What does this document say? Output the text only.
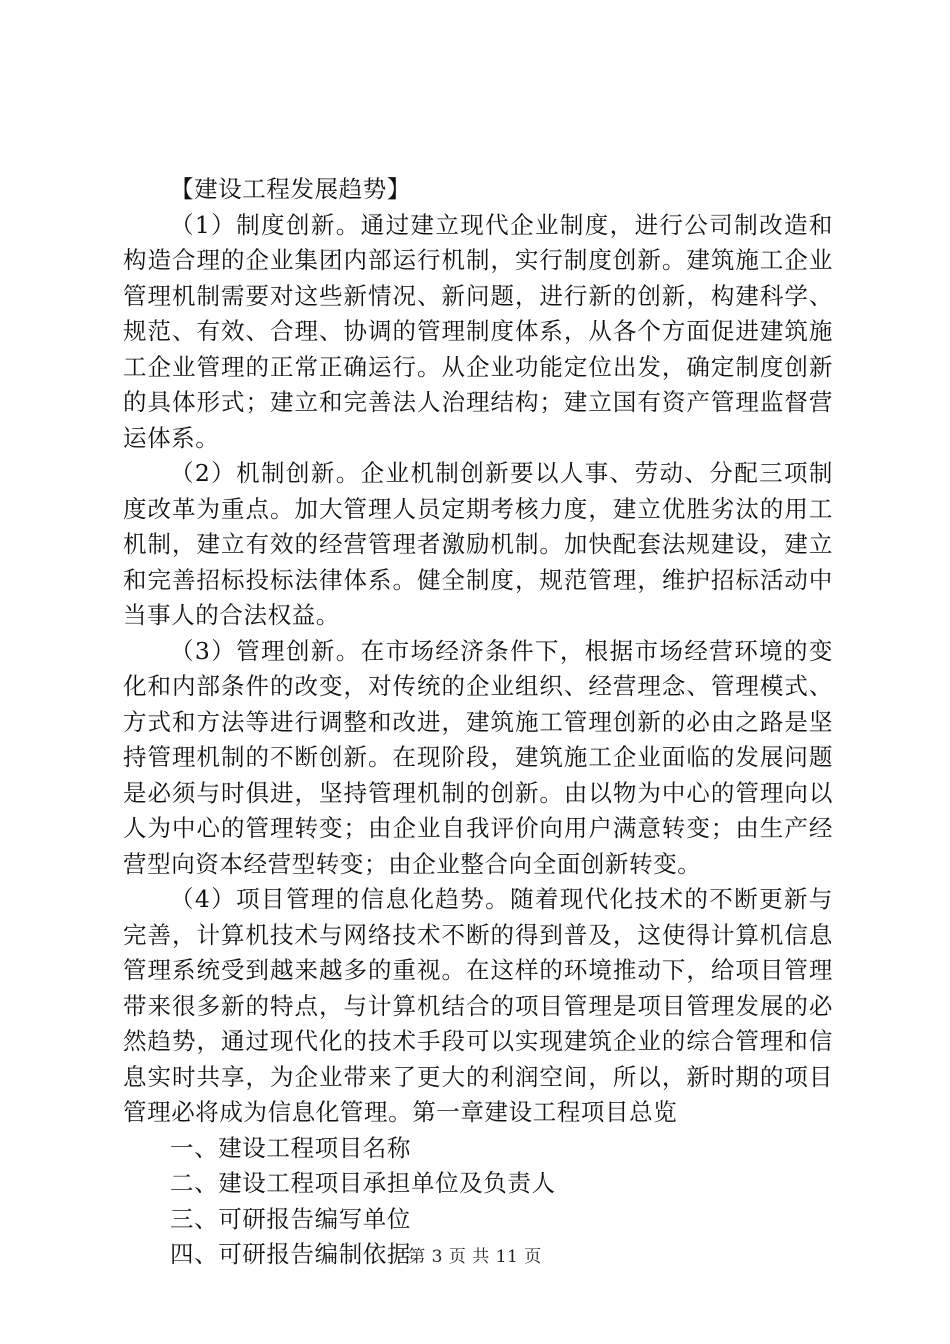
【建设工程发展趋势】

（1）制度创新。通过建立现代企业制度，进行公司制改造和构造合理的企业集团内部运行机制，实行制度创新。建筑施工企业管理机制需要对这些新情况、新问题，进行新的创新，构建科学、规范、有效、合理、协调的管理制度体系，从各个方面促进建筑施工企业管理的正常正确运行。从企业功能定位出发，确定制度创新的具体形式；建立和完善法人治理结构；建立国有资产管理监督营运体系。

（2）机制创新。企业机制创新要以人事、劳动、分配三项制度改革为重点。加大管理人员定期考核力度，建立优胜劣汰的用工机制，建立有效的经营管理者激励机制。加快配套法规建设，建立和完善招标投标法律体系。健全制度，规范管理，维护招标活动中当事人的合法权益。

（3）管理创新。在市场经济条件下，根据市场经营环境的变化和内部条件的改变，对传统的企业组织、经营理念、管理模式、方式和方法等进行调整和改进，建筑施工管理创新的必由之路是坚持管理机制的不断创新。在现阶段，建筑施工企业面临的发展问题是必须与时俱进，坚持管理机制的创新。由以物为中心的管理向以人为中心的管理转变；由企业自我评价向用户满意转变；由生产经营型向资本经营型转变；由企业整合向全面创新转变。

（4）项目管理的信息化趋势。随着现代化技术的不断更新与完善，计算机技术与网络技术不断的得到普及，这使得计算机信息管理系统受到越来越多的重视。在这样的环境推动下，给项目管理带来很多新的特点，与计算机结合的项目管理是项目管理发展的必然趋势，通过现代化的技术手段可以实现建筑企业的综合管理和信息实时共享，为企业带来了更大的利润空间，所以，新时期的项目管理必将成为信息化管理。第一章建设工程项目总览

一、建设工程项目名称

二、建设工程项目承担单位及负责人

三、可研报告编写单位

四、可研报告编制依据

第 3 页 共 11 页
